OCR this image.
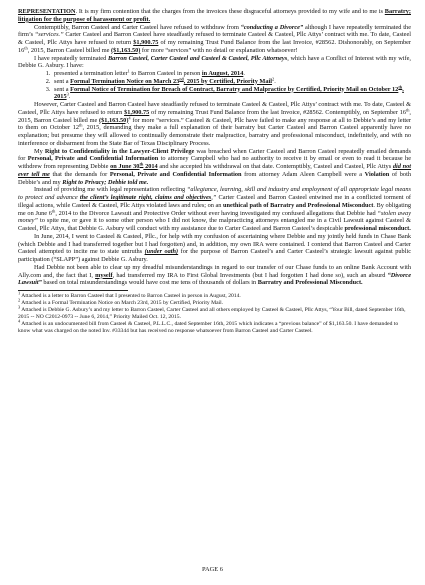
REPRESENTATION. It is my firm contention that the charges from the invoices these disgraceful attorneys provided to my wife and to me is Barratry; litigation for the purpose of harassment or profit.

Contemptibly, Barron Casteel and Carter Casteel have refused to withdraw from “conducting a Divorce” although I have repeatedly terminated the firm’s “services.” Carter Casteel and Barron Casteel have steadfastly refused to terminate Casteel & Casteel, Pllc Attys’ contract with me. To date, Casteel & Casteel, Pllc Attys have refused to return $1,900.75 of my remaining Trust Fund Balance from the last Invoice, #28562. Dishonorably, on September 16th, 2015, Barron Casteel billed me ($1,163.50) for more “services” with no detail or explanation whatsoever!

I have repeatedly terminated Barron Casteel, Carter Casteel and Casteel & Casteel, Pllc Attorneys, which have a Conflict of Interest with my wife, Debbie G. Asbury. I have:

1. presented a termination letter$^1$ to Barron Casteel in person in August, 2014.
2. sent a Formal Termination Notice on March 23rd, 2015 by Certified, Priority Mail$^2$.
3. sent a Formal Notice of Termination for Breach of Contract, Barratry and Malpractice by Certified, Priority Mail on October 12th, 2015$^3$.

However, Carter Casteel and Barron Casteel have steadfastly refused to terminate Casteel & Casteel, Pllc Attys’ contract with me. To date, Casteel & Casteel, Pllc Attys have refused to return $1,900.75 of my remaining Trust Fund Balance from the last Invoice, #28562. Contemptibly, on September 16th, 2015, Barron Casteel billed me ($1,163.50)$^4$ for more “services.” Casteel & Casteel, Pllc have failed to make any response at all to Debbie’s and my letter to them on October 12th, 2015, demanding they make a full explanation of their barratry but Carter Casteel and Barron Casteel apparently have no explanation; but presume they will allowed to continually demonstrate their malpractice, barratry and professional misconduct, indefinitely, and with no interference or disbarment from the State Bar of Texas Disciplinary Process.

My Right to Confidentiality in the Lawyer-Client Privilege was breached when Carter Casteel and Barron Casteel repeatedly emailed demands for Personal, Private and Confidential Information to attorney Campbell who had no authority to receive it by email or even to read it because he withdrew from representing Debbie on June 30th 2014 and she accepted his withdrawal on that date. Contemptibly, Casteel and Casteel, Pllc Attys did not ever tell me that the demands for Personal, Private and Confidential Information from attorney Adam Aleen Campbell were a Violation of both Debbie’s and my Right to Privacy; Debbie told me.

Instead of providing me with legal representation reflecting “allegiance, learning, skill and industry and employment of all appropriate legal means to protect and advance the client’s legitimate right, claims and objectives,” Carter Casteel and Barron Casteel entwined me in a conflicted torment of illegal actions, while Casteel & Casteel, Pllc Attys violated laws and rules; on an unethical path of Barratry and Professional Misconduct. By obligating me on June 6th, 2014 to the Divorce Lawsuit and Protective Order without ever having investigated my confused allegations that Debbie had “stolen away money” to spite me, or gave it to some other person who I did not know, the malpracticing attorneys entangled me in a Civil Lawsuit against Casteel & Casteel, Pllc Attys, that Debbie G. Asbury will conduct with my assistance due to Carter Casteel and Barron Casteel’s despicable professional misconduct.

In June, 2014, I went to Casteel & Casteel, Pllc., for help with my confusion of ascertaining where Debbie and my jointly held funds in Chase Bank (which Debbie and I had transferred together but I had forgotten) and, in addition, my own IRA were contained. I contend that Barron Casteel and Carter Casteel attempted to incite me to state untruths (under oath) for the purpose of Barron Casteel’s and Carter Casteel’s strategic lawsuit against public participation (“SLAPP”) against Debbie G. Asbury.

Had Debbie not been able to clear up my dreadful misunderstandings in regard to our transfer of our Chase funds to an online Bank Account with Ally.com and, the fact that I, myself, had transferred my IRA to First Global Investments (but I had forgotten I had done so), such an absurd “Divorce Lawsuit” based on total misunderstandings would have cost me tens of thousands of dollars in Barratry and Professional Misconduct.

$^1$ Attached is a letter to Barron Casteel that I presented to Barron Casteel in person in August, 2014.

$^2$ Attached is a Formal Termination Notice on March 23rd, 2015 by Certified, Priority Mail.

$^3$ Attached is Debbie G. Asbury’s and my letter to Barron Casteel, Carter Casteel and all others employed by Casteel & Casteel, Pllc Attys, “Your Bill, dated September 16th, 2015 -- NO C2012-0973 -- June 6, 2014,” Priority Mailed Oct. 12, 2015.

$^4$ Attached is an undocumented bill from Casteel & Casteel, P.L.L.C., dated September 16th, 2015 which indicates a “previous balance” of $1,163.50. I have demanded to know what was charged on the noted Inv. #33344 but has received no response whatsoever from Barron Casteel and Carter Casteel.

PAGE 6
